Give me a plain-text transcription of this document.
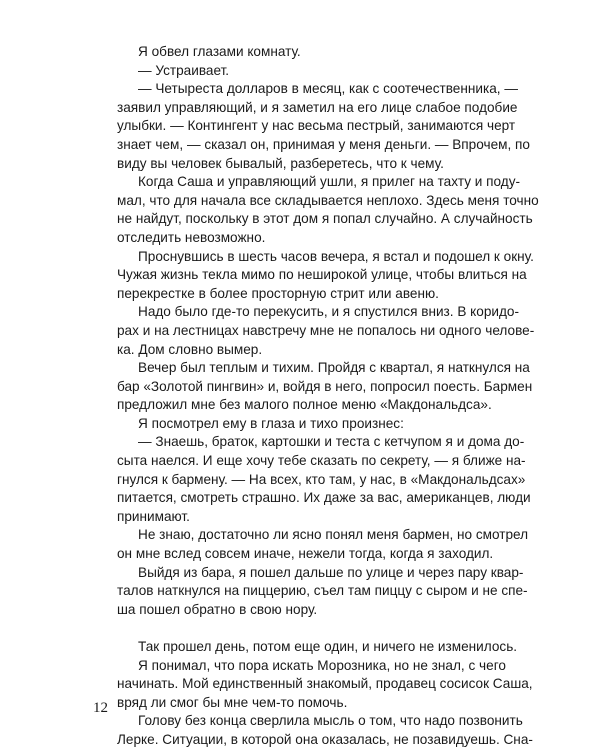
Я обвел глазами комнату.
— Устраивает.
— Четыреста долларов в месяц, как с соотечественника, —
заявил управляющий, и я заметил на его лице слабое подобие
улыбки. — Контингент у нас весьма пестрый, занимаются черт
знает чем, — сказал он, принимая у меня деньги. — Впрочем, по
виду вы человек бывалый, разберетесь, что к чему.
Когда Саша и управляющий ушли, я прилег на тахту и поду-
мал, что для начала все складывается неплохо. Здесь меня точно
не найдут, поскольку в этот дом я попал случайно. А случайность
отследить невозможно.
Проснувшись в шесть часов вечера, я встал и подошел к окну.
Чужая жизнь текла мимо по неширокой улице, чтобы влиться на
перекрестке в более просторную стрит или авеню.
Надо было где-то перекусить, и я спустился вниз. В коридо-
рах и на лестницах навстречу мне не попалось ни одного челове-
ка. Дом словно вымер.
Вечер был теплым и тихим. Пройдя с квартал, я наткнулся на
бар «Золотой пингвин» и, войдя в него, попросил поесть. Бармен
предложил мне без малого полное меню «Макдональдса».
Я посмотрел ему в глаза и тихо произнес:
— Знаешь, браток, картошки и теста с кетчупом я и дома до-
сыта наелся. И еще хочу тебе сказать по секрету, — я ближе на-
гнулся к бармену. — На всех, кто там, у нас, в «Макдональдсах»
питается, смотреть страшно. Их даже за вас, американцев, люди
принимают.
Не знаю, достаточно ли ясно понял меня бармен, но смотрел
он мне вслед совсем иначе, нежели тогда, когда я заходил.
Выйдя из бара, я пошел дальше по улице и через пару квар-
талов наткнулся на пиццерию, съел там пиццу с сыром и не спе-
ша пошел обратно в свою нору.
Так прошел день, потом еще один, и ничего не изменилось.
Я понимал, что пора искать Морозника, но не знал, с чего
начинать. Мой единственный знакомый, продавец сосисок Саша,
вряд ли смог бы мне чем-то помочь.
Голову без конца сверлила мысль о том, что надо позвонить
Лерке. Ситуации, в которой она оказалась, не позавидуешь. Сна-
12
